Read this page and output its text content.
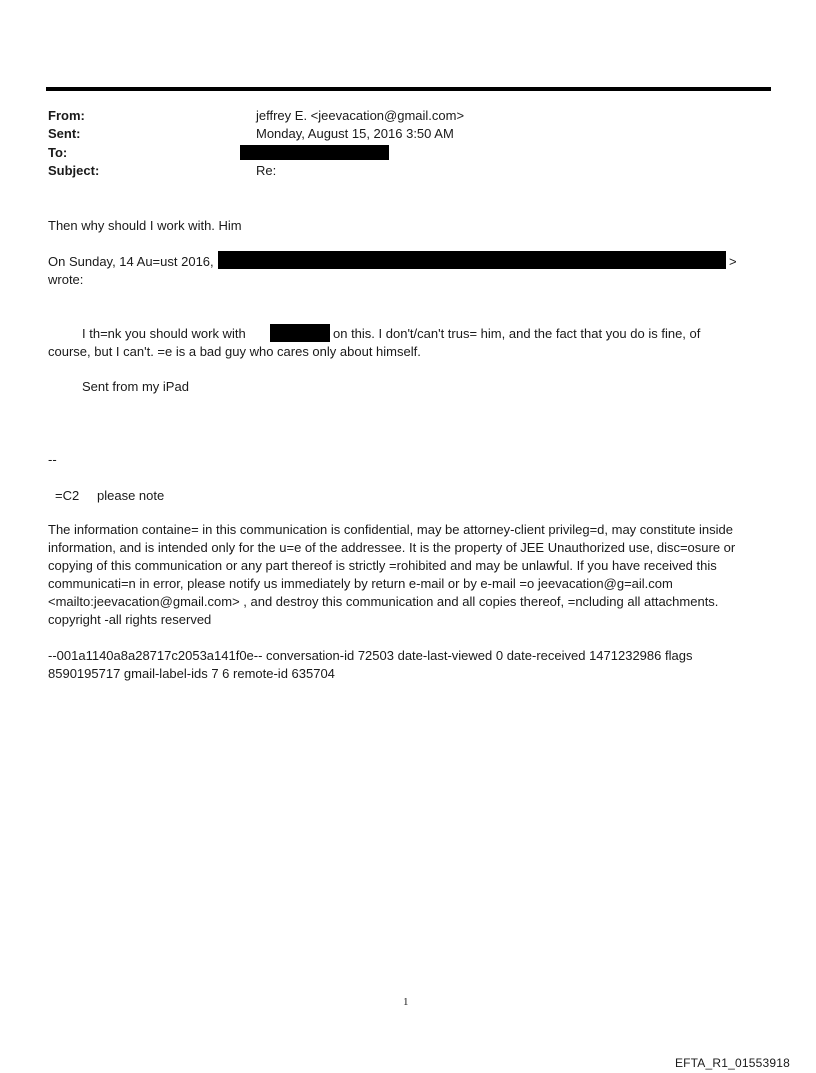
From:	jeffrey E. <jeevacation@gmail.com>
Sent:	Monday, August 15, 2016 3:50 AM
To:
Subject:	Re:
Then why should I work with. Him
On Sunday, 14 Au=ust 2016,	>
wrote:
I th=nk you should work with	on this. I don't/can't trus= him, and the fact that you do is fine, of
course, but I can't. =e is a bad guy who cares only about himself.
Sent from my iPad
--
=C2 please note
The information containe= in this communication is confidential, may be attorney-client privileg=d, may constitute inside information, and is intended only for the u=e of the addressee. It is the property of JEE Unauthorized use, disc=osure or copying of this communication or any part thereof is strictly =rohibited and may be unlawful. If you have received this communicati=n in error, please notify us immediately by return e-mail or by e-mail =o jeevacation@g=ail.com <mailto:jeevacation@gmail.com> , and destroy this communication and all copies thereof, =ncluding all attachments. copyright -all rights reserved
--001a1140a8a28717c2053a141f0e-- conversation-id 72503 date-last-viewed 0 date-received 1471232986 flags 8590195717 gmail-label-ids 7 6 remote-id 635704
1
EFTA_R1_01553918
